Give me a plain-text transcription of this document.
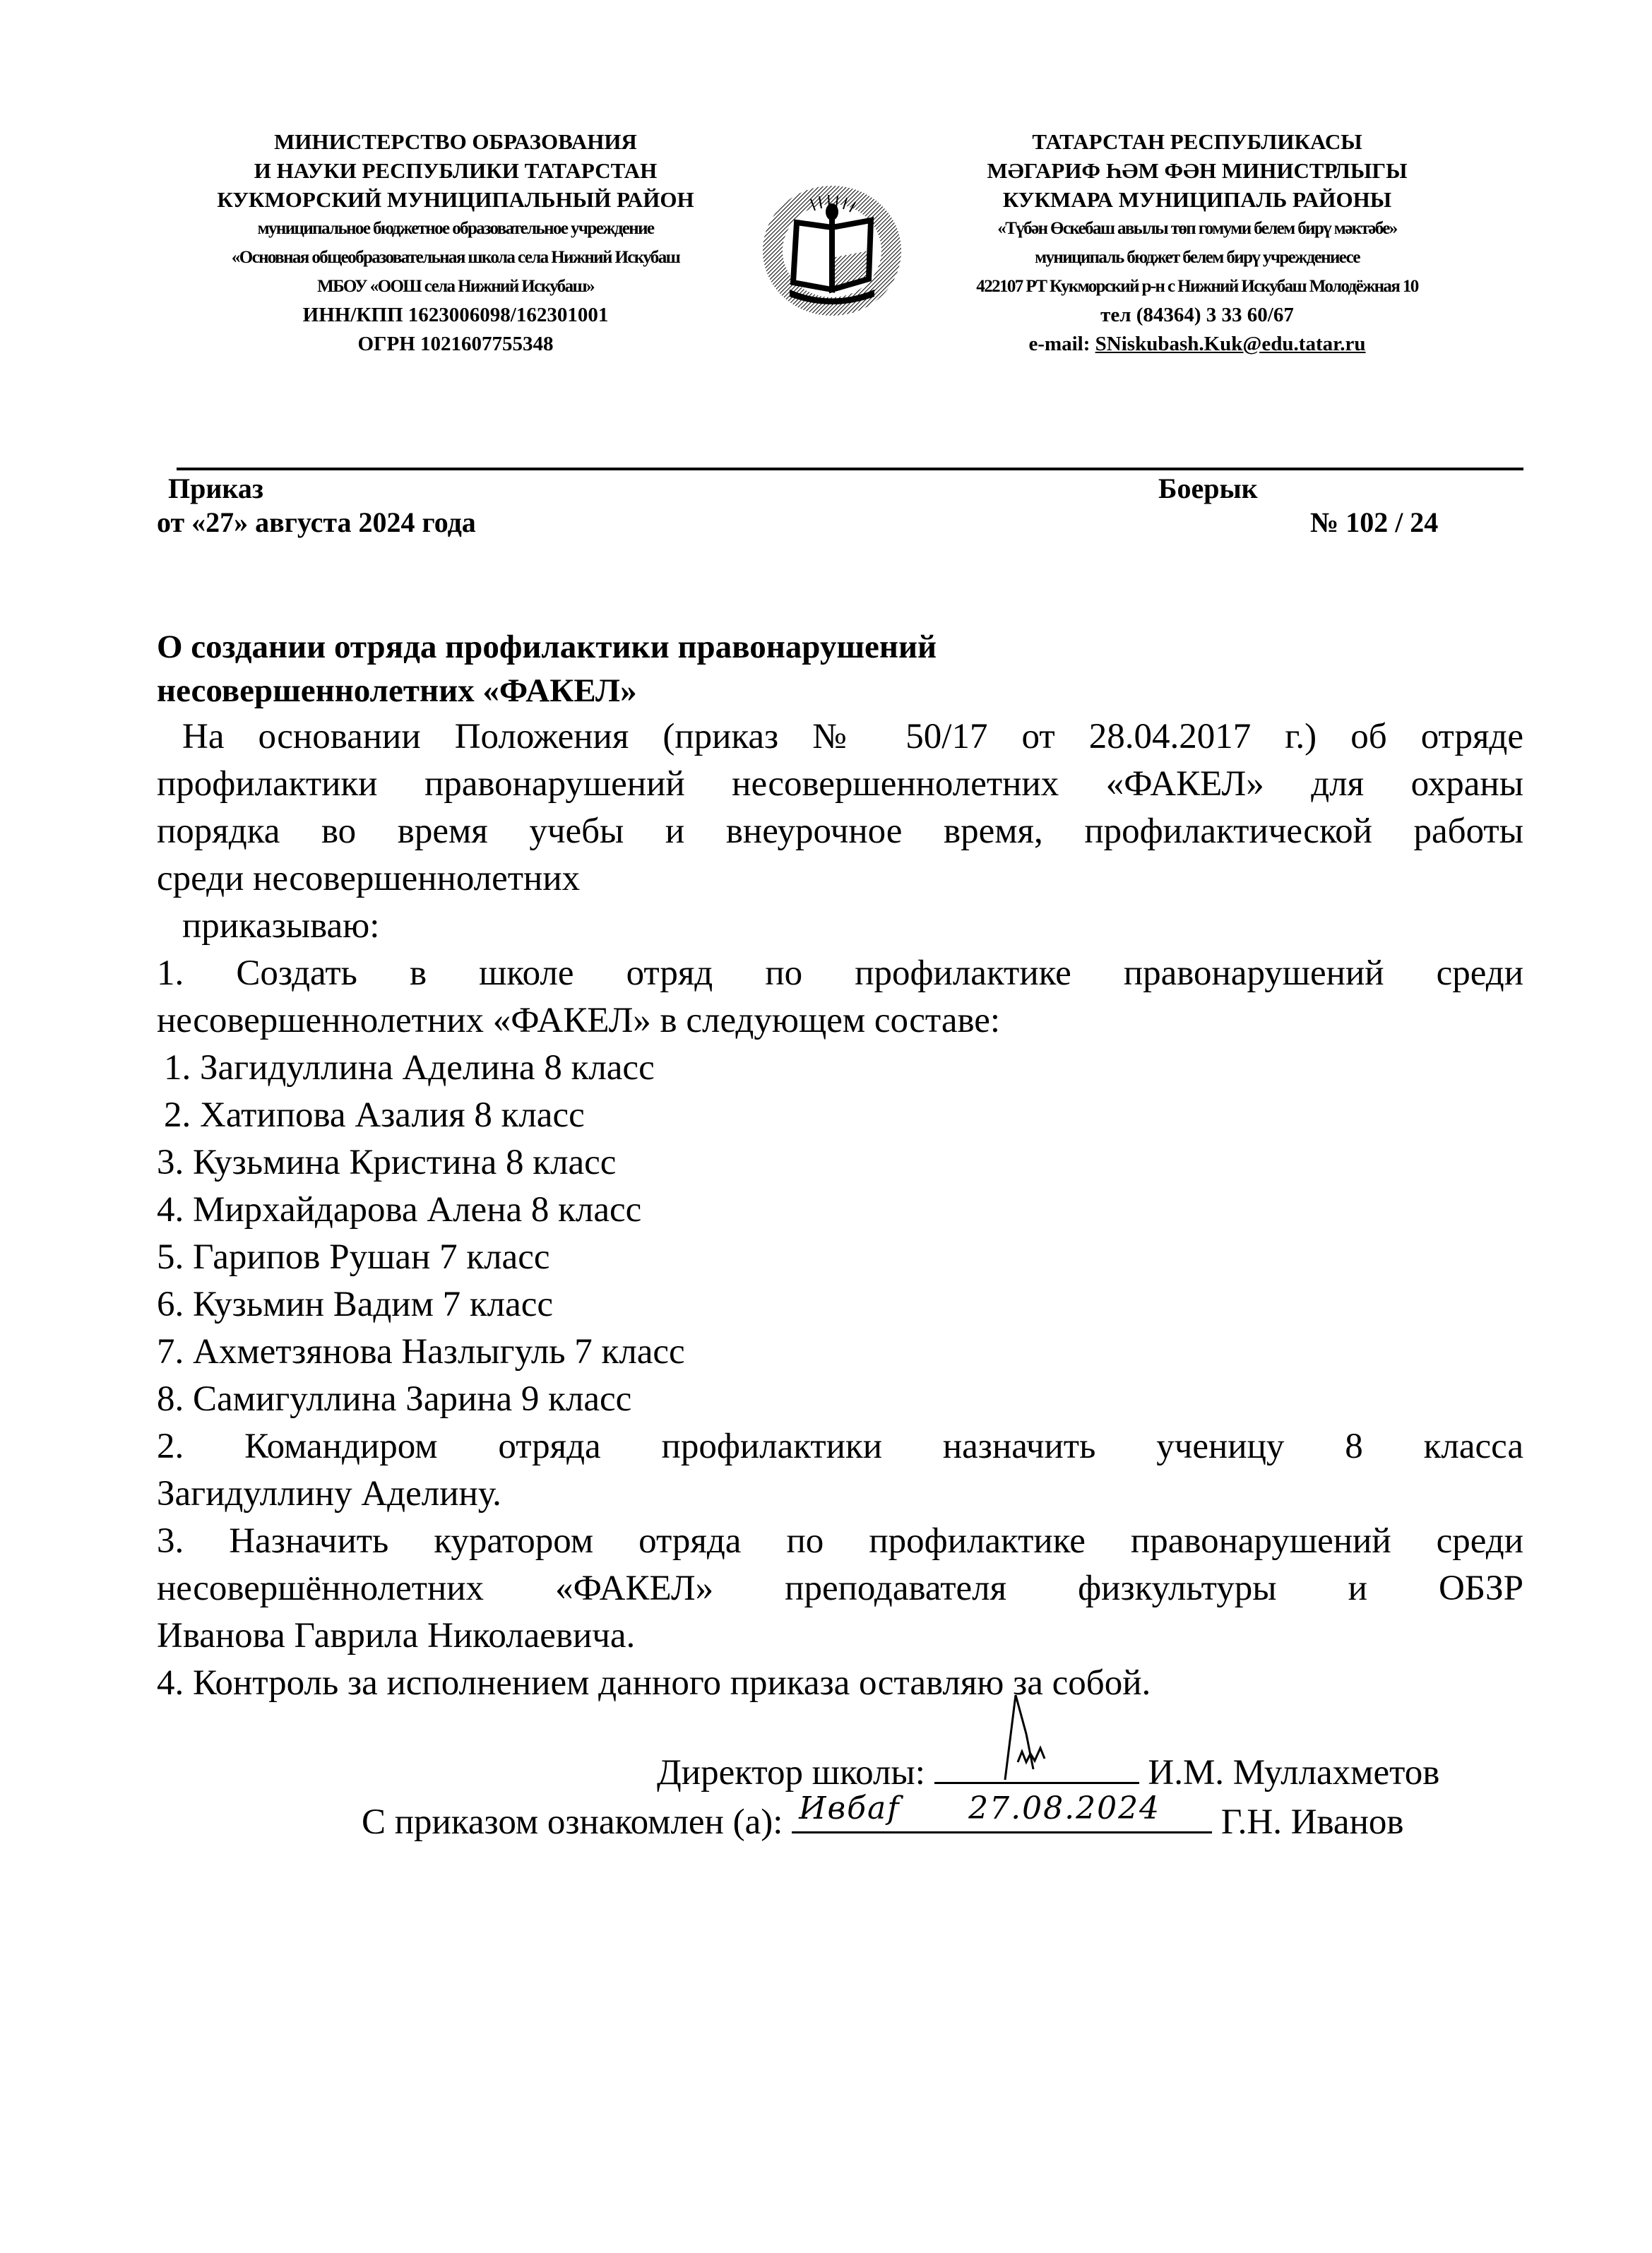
МИНИСТЕРСТВО ОБРАЗОВАНИЯ
И НАУКИ РЕСПУБЛИКИ ТАТАРСТАН
КУКМОРСКИЙ МУНИЦИПАЛЬНЫЙ РАЙОН
муниципальное бюджетное образовательное учреждение
«Основная общеобразовательная школа села Нижний Искубаш
МБОУ «ООШ села Нижний Искубаш»
ИНН/КПП 1623006098/162301001
ОГРН 1021607755348
ТАТАРСТАН РЕСПУБЛИКАСЫ
МӘГАРИФ ҺӘМ ФӘН МИНИСТРЛЫГЫ
КУКМАРА МУНИЦИПАЛЬ РАЙОНЫ
«Түбән Өскебаш авылы төп гомуми белем бирү мәктәбе»
муниципаль бюджет белем бирү учреждениесе
422107 РТ Кукморский р-н с Нижний Искубаш Молодёжная 10
тел (84364) 3 33 60/67
e-mail: SNiskubash.Kuk@edu.tatar.ru
Приказ
от «27» августа 2024 года
Боерык
№ 102 / 24
О создании отряда профилактики правонарушений
несовершеннолетних «ФАКЕЛ»
На основании Положения (приказ № 50/17 от 28.04.2017 г.) об отряде
профилактики правонарушений несовершеннолетних «ФАКЕЛ» для охраны
порядка во время учебы и внеурочное время, профилактической работы
среди несовершеннолетних
приказываю:
1. Создать в школе отряд по профилактике правонарушений среди
несовершеннолетних «ФАКЕЛ» в следующем составе:
1. Загидуллина Аделина 8 класс
2. Хатипова Азалия 8 класс
3. Кузьмина Кристина 8 класс
4. Мирхайдарова Алена 8 класс
5. Гарипов Рушан 7 класс
6. Кузьмин Вадим 7 класс
7. Ахметзянова Назлыгуль 7 класс
8. Самигуллина Зарина 9 класс
2. Командиром отряда профилактики назначить ученицу 8 класса
Загидуллину Аделину.
3. Назначить куратором отряда по профилактике правонарушений среди
несовершённолетних «ФАКЕЛ» преподавателя физкультуры и ОБЗР
Иванова Гаврила Николаевича.
4. Контроль за исполнением данного приказа оставляю за собой.
Директор школы:	И.М. Муллахметов
С приказом ознакомлен (а): Ивбаf 27.08.2024 Г.Н. Иванов
